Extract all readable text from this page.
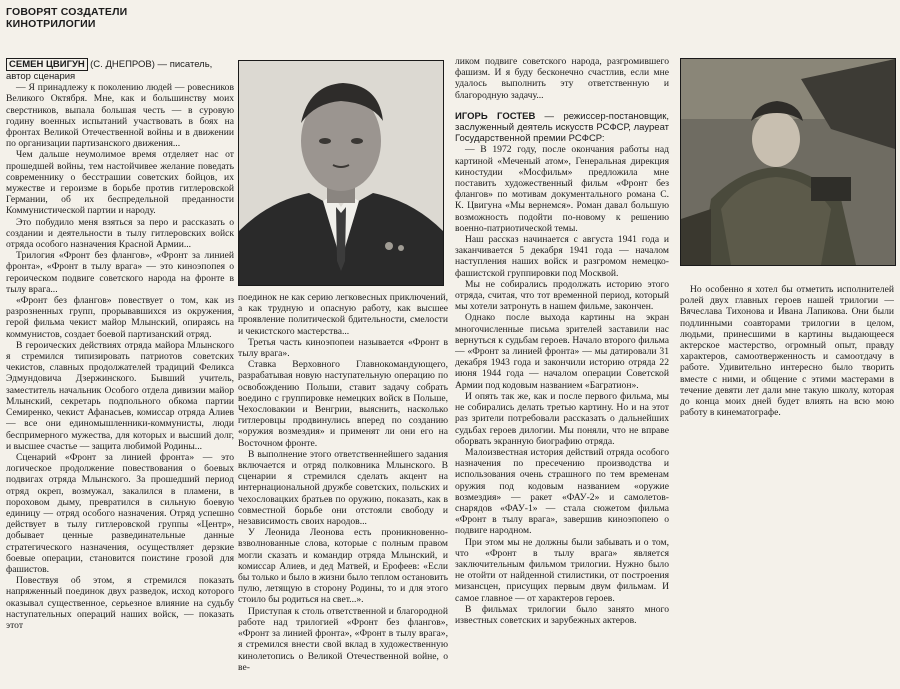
ГОВОРЯТ СОЗДАТЕЛИ
КИНОТРИЛОГИИ

СЕМЕН ЦВИГУН (С. ДНЕПРОВ) — писатель,
автор сценария

— Я принадлежу к поколению людей — ровесников Великого Октября. Мне, как и большинству моих сверстников, выпала большая честь — в суровую годину военных испытаний участвовать в боях на фронтах Великой Отечественной войны и в движении по организации партизанского движения...

Чем дальше неумолимое время отделяет нас от прошедшей войны, тем настойчивее желание поведать современнику о бесстрашии советских бойцов, их мужестве и героизме в борьбе против гитлеровской Германии, об их беспредельной преданности Коммунистической партии и народу.

Это побудило меня взяться за перо и рассказать о создании и деятельности в тылу гитлеровских войск отряда особого назначения Красной Армии...

Трилогия «Фронт без флангов», «Фронт за линией фронта», «Фронт в тылу врага» — это киноэпопея о героическом подвиге советского народа на фронте в тылу врага...

«Фронт без флангов» повествует о том, как из разрозненных групп, прорывавшихся из окружения, герой фильма чекист майор Млынский, опираясь на коммунистов, создает боевой партизанский отряд.

В героических действиях отряда майора Млынского я стремился типизировать патриотов советских чекистов, славных продолжателей традиций Феликса Эдмундовича Дзержинского. Бывший учитель, заместитель начальник Особого отдела дивизии майор Млынский, секретарь подпольного обкома партии Семиренко, чекист Афанасьев, комиссар отряда Алиев — все они единомышленники-коммунисты, люди беспримерного мужества, для которых и высший долг, и высшее счастье — защита любимой Родины...

Сценарий «Фронт за линией фронта» — это логическое продолжение повествования о боевых подвигах отряда Млынского. За прошедший период отряд окреп, возмужал, закалился в пламени, в пороховом дыму, превратился в сильную боевую единицу — отряд особого назначения. Отряд успешно действует в тылу гитлеровской группы «Центр», добывает ценные развединательные данные стратегического назначения, осуществляет дерзкие боевые операции, становится поистине грозой для фашистов.

Повествуя об этом, я стремился показать напряженный поединок двух разведок, исход которого оказывал существенное, серьезное влияние на судьбу наступательных операций наших войск, — показать этот

поединок не как серию легковесных приключений, а как трудную и опасную работу, как высшее проявление политической бдительности, смелости и чекистского мастерства...

Третья часть киноэпопеи называется «Фронт в тылу врага».

Ставка Верховного Главнокомандующего, разрабатывая новую наступательную операцию по освобождению Польши, ставит задачу собрать воедино с группировке немецких войск в Польше, Чехословакии и Венгрии, выяснить, насколько гитлеровцы продвинулись вперед по созданию «оружия возмездия» и применят ли они его на Восточном фронте.

В выполнение этого ответственнейшего задания включается и отряд полковника Млынского. В сценарии я стремился сделать акцент на интернациональной дружбе советских, польских и чехословацких братьев по оружию, показать, как в совместной борьбе они отстояли свободу и независимость своих народов...

У Леонида Леонова есть проникновенно-взволнованные слова, которые с полным правом могли сказать и командир отряда Млынский, и комиссар Алиев, и дед Матвей, и Ерофеев: «Если бы только и было в жизни было теплом остановить пулю, летящую в сторону Родины, то и для этого стоило бы родиться на свет...».

Приступая к столь ответственной и благородной работе над трилогией «Фронт без флангов», «Фронт за линией фронта», «Фронт в тылу врага», я стремился внести свой вклад в художественную кинолетопись о Великой Отечественной войне, о ве-

ликом подвиге советского народа, разгромившего фашизм. И я буду бесконечно счастлив, если мне удалось выполнить эту ответственную и благородную задачу...

ИГОРЬ ГОСТЕВ — режиссер-постановщик, заслуженный деятель искусств РСФСР, лауреат Государственной премии РСФСР:

— В 1972 году, после окончания работы над картиной «Меченый атом», Генеральная дирекция киностудии «Мосфильм» предложила мне поставить художественный фильм «Фронт без флангов» по мотивам документального романа С. К. Цвигуна «Мы вернемся». Роман давал большую возможность подойти по-новому к решению военно-патриотической темы.

Наш рассказ начинается с августа 1941 года и заканчивается 5 декабря 1941 года — началом наступления наших войск и разгромом немецко-фашистской группировки под Москвой.

Мы не собирались продолжать историю этого отряда, считая, что тот временной период, который мы хотели затронуть в нашем фильме, закончен.

Однако после выхода картины на экран многочисленные письма зрителей заставили нас вернуться к судьбам героев. Начало второго фильма — «Фронт за линией фронта» — мы датировали 31 декабря 1943 года и закончили историю отряда 22 июня 1944 года — началом операции Советской Армии под кодовым названием «Багратион».

И опять так же, как и после первого фильма, мы не собирались делать третью картину. Но и на этот раз зрители потребовали рассказать о дальнейших судьбах героев дилогии. Мы поняли, что не вправе оборвать экранную биографию отряда.

Малоизвестная история действий отряда особого назначения по пресечению производства и использования очень страшного по тем временам оружия под кодовым названием «оружие возмездия» — ракет «ФАУ-2» и самолетов-снарядов «ФАУ-1» — стала сюжетом фильма «Фронт в тылу врага», завершив киноэпопею о подвиге народном.

При этом мы не должны были забывать и о том, что «Фронт в тылу врага» является заключительным фильмом трилогии. Нужно было не отойти от найденной стилистики, от построения мизансцен, присущих первым двум фильмам. И самое главное — от характеров героев.

В фильмах трилогии было занято много известных советских и зарубежных актеров.

Но особенно я хотел бы отметить исполнителей ролей двух главных героев нашей трилогии — Вячеслава Тихонова и Ивана Лапикова. Они были подлинными соавторами трилогии в целом, людьми, принесшими в картины выдающееся актерское мастерство, огромный опыт, правду характеров, самоотверженность и самоотдачу в работе. Удивительно интересно было творить вместе с ними, и общение с этими мастерами в течение девяти лет дали мне такую школу, которая до конца моих дней будет влиять на всю мою работу в кинематографе.
